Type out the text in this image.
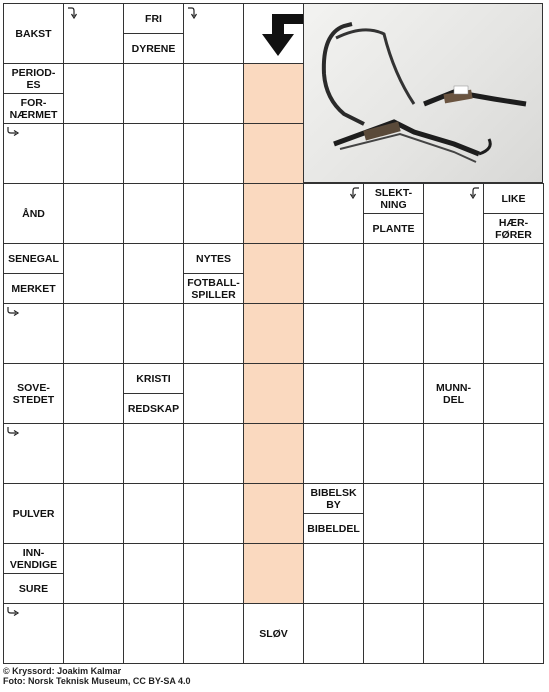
BAKST
FRI
DYRENE
PERIOD-
ES
FOR-
NÆRMET
ÅND
SLEKT-
NING
PLANTE
LIKE
HÆR-
FØRER
SENEGAL
MERKET
NYTES
FOTBALL-
SPILLER
SOVE-
STEDET
KRISTI
REDSKAP
MUNN-
DEL
PULVER
BIBELSK
BY
BIBELDEL
INN-
VENDIGE
SURE
SLØV
© Kryssord: Joakim Kalmar
Foto: Norsk Teknisk Museum, CC BY-SA 4.0
